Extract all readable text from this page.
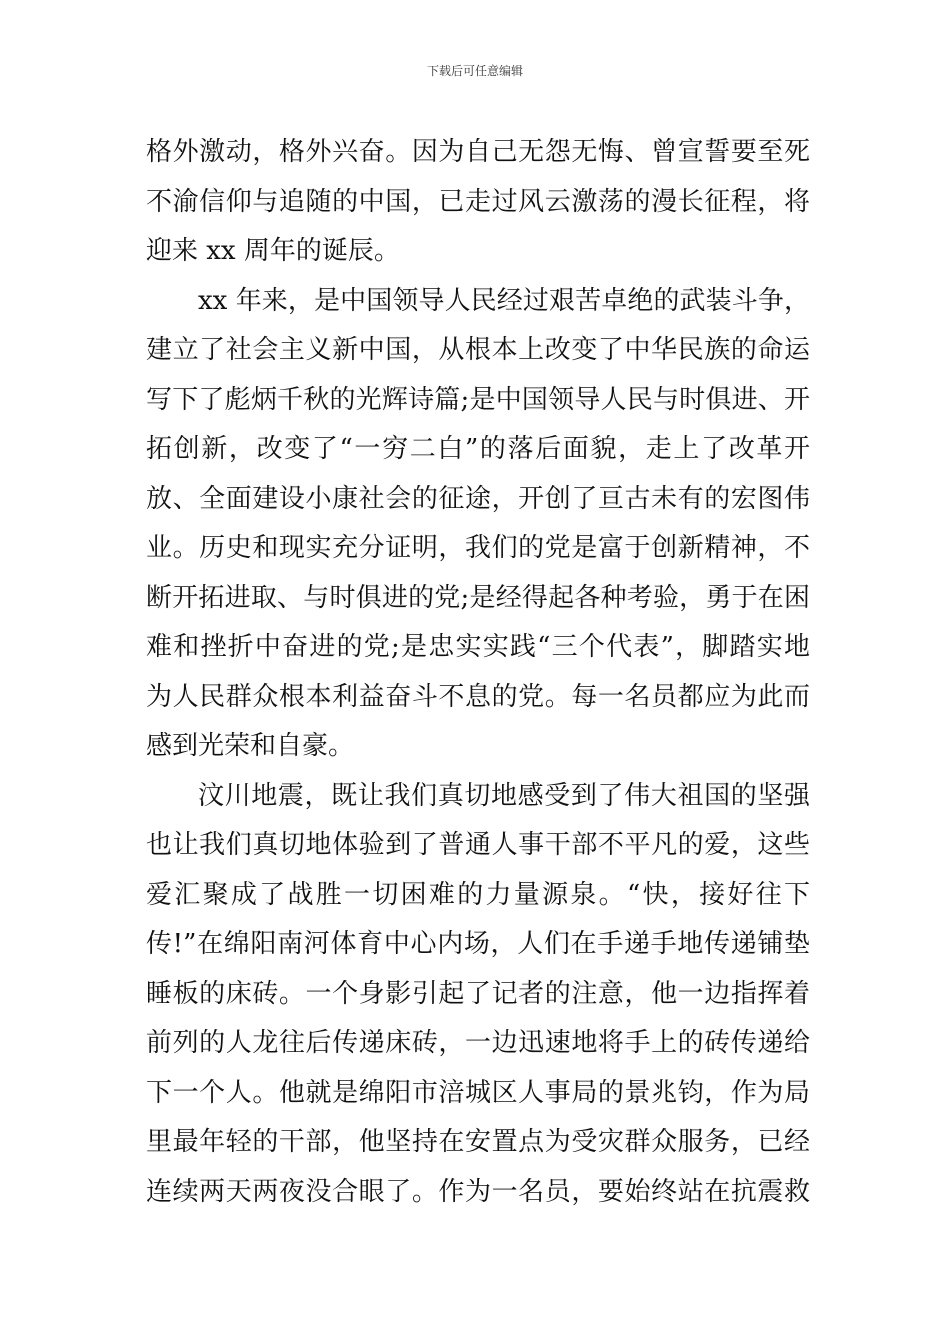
下载后可任意编辑
格外激动，格外兴奋。因为自己无怨无悔、曾宣誓要至死
不渝信仰与追随的中国，已走过风云激荡的漫长征程，将
迎来 xx 周年的诞辰。
xx 年来，是中国领导人民经过艰苦卓绝的武装斗争，
建立了社会主义新中国，从根本上改变了中华民族的命运
写下了彪炳千秋的光辉诗篇;是中国领导人民与时俱进、开
拓创新，改变了“一穷二白”的落后面貌，走上了改革开
放、全面建设小康社会的征途，开创了亘古未有的宏图伟
业。历史和现实充分证明，我们的党是富于创新精神，不
断开拓进取、与时俱进的党;是经得起各种考验，勇于在困
难和挫折中奋进的党;是忠实实践“三个代表”，脚踏实地
为人民群众根本利益奋斗不息的党。每一名员都应为此而
感到光荣和自豪。
汶川地震，既让我们真切地感受到了伟大祖国的坚强
也让我们真切地体验到了普通人事干部不平凡的爱，这些
爱汇聚成了战胜一切困难的力量源泉。“快，接好往下
传!”在绵阳南河体育中心内场，人们在手递手地传递铺垫
睡板的床砖。一个身影引起了记者的注意，他一边指挥着
前列的人龙往后传递床砖，一边迅速地将手上的砖传递给
下一个人。他就是绵阳市涪城区人事局的景兆钧，作为局
里最年轻的干部，他坚持在安置点为受灾群众服务，已经
连续两天两夜没合眼了。作为一名员，要始终站在抗震救
